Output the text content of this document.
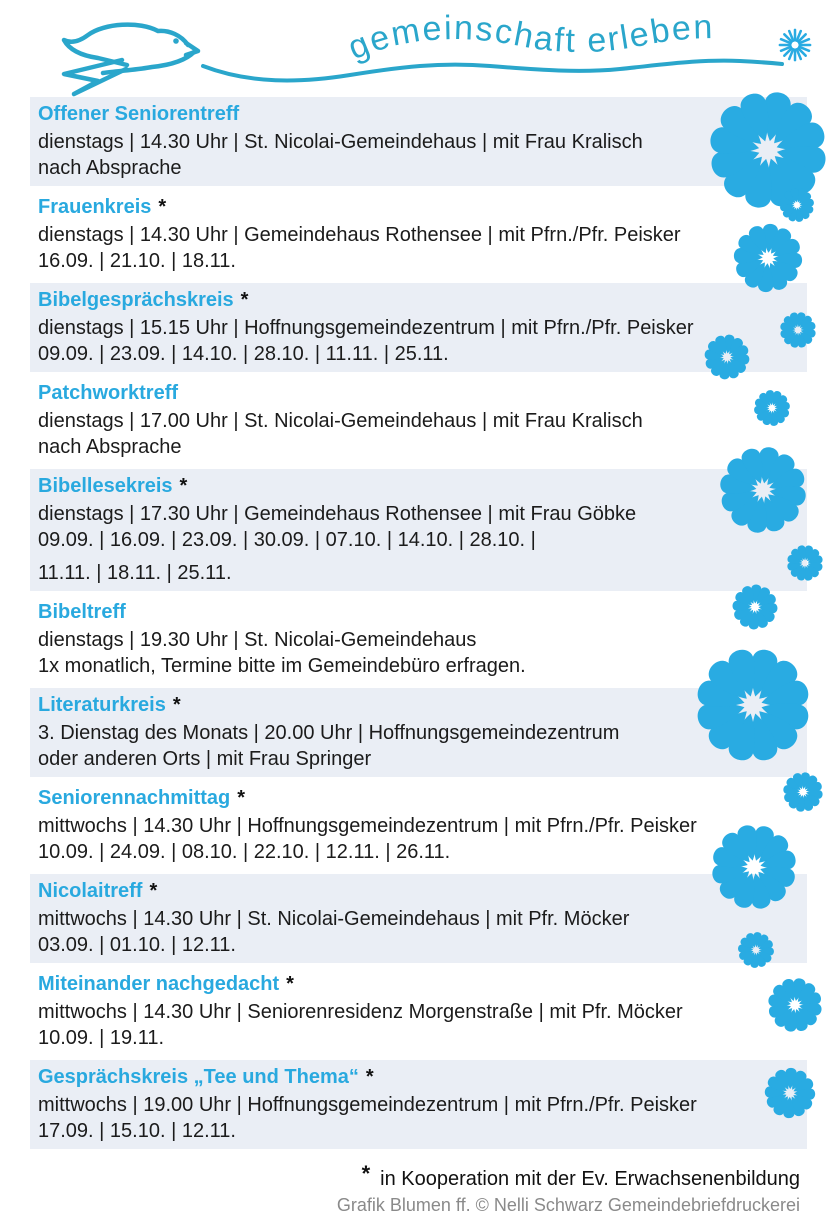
gemeinschaft erleben
Offener Seniorentreff
dienstags | 14.30 Uhr | St. Nicolai-Gemeindehaus | mit Frau Kralisch
nach Absprache
Frauenkreis *
dienstags | 14.30 Uhr | Gemeindehaus Rothensee | mit Pfrn./Pfr. Peisker
16.09. | 21.10. | 18.11.
Bibelgesprächskreis *
dienstags | 15.15 Uhr | Hoffnungsgemeindezentrum | mit Pfrn./Pfr. Peisker
09.09. | 23.09. | 14.10. | 28.10. | 11.11. | 25.11.
Patchworktreff
dienstags | 17.00 Uhr | St. Nicolai-Gemeindehaus | mit Frau Kralisch
nach Absprache
Bibellesekreis *
dienstags | 17.30 Uhr | Gemeindehaus Rothensee | mit Frau Göbke
09.09. | 16.09. | 23.09. | 30.09. | 07.10. | 14.10. | 28.10. |
11.11. | 18.11. | 25.11.
Bibeltreff
dienstags | 19.30 Uhr | St. Nicolai-Gemeindehaus
1x monatlich, Termine bitte im Gemeindebüro erfragen.
Literaturkreis *
3. Dienstag des Monats | 20.00 Uhr | Hoffnungsgemeindezentrum
oder anderen Orts | mit Frau Springer
Seniorennachmittag *
mittwochs | 14.30 Uhr | Hoffnungsgemeindezentrum | mit Pfrn./Pfr. Peisker
10.09. | 24.09. | 08.10. | 22.10. | 12.11. | 26.11.
Nicolaitreff *
mittwochs | 14.30 Uhr | St. Nicolai-Gemeindehaus | mit Pfr. Möcker
03.09. | 01.10. | 12.11.
Miteinander nachgedacht *
mittwochs | 14.30 Uhr | Seniorenresidenz Morgenstraße | mit Pfr. Möcker
10.09. | 19.11.
Gesprächskreis „Tee und Thema“ *
mittwochs | 19.00 Uhr | Hoffnungsgemeindezentrum | mit Pfrn./Pfr. Peisker
17.09. | 15.10. | 12.11.
* in Kooperation mit der Ev. Erwachsenenbildung
Grafik Blumen ff. © Nelli Schwarz Gemeindebriefdruckerei
